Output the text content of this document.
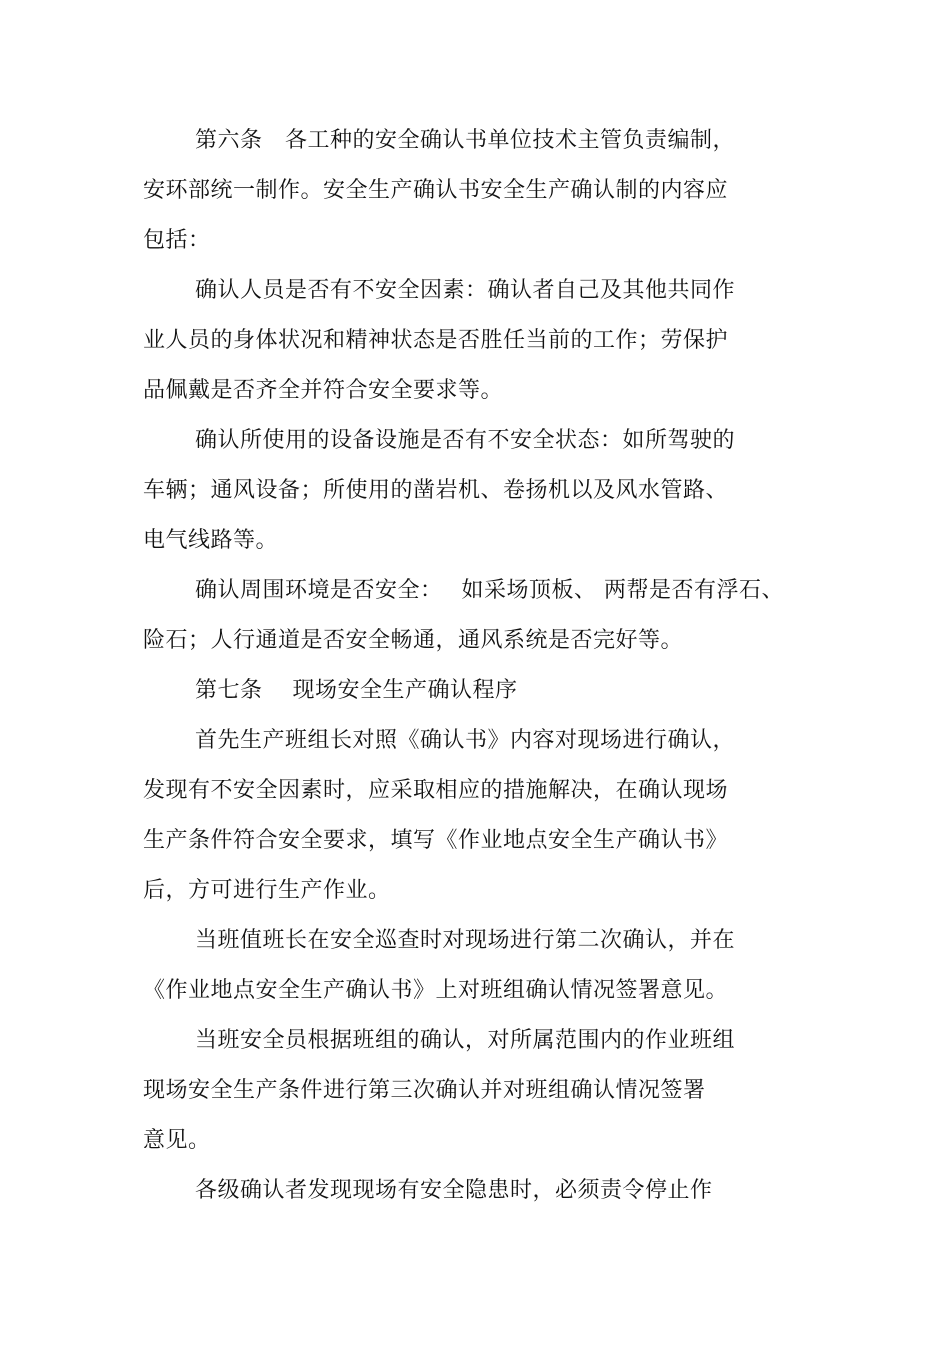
第六条　各工种的安全确认书单位技术主管负责编制，
安环部统一制作。安全生产确认书安全生产确认制的内容应
包括：
确认人员是否有不安全因素：确认者自己及其他共同作
业人员的身体状况和精神状态是否胜任当前的工作；劳保护
品佩戴是否齐全并符合安全要求等。
确认所使用的设备设施是否有不安全状态：如所驾驶的
车辆；通风设备；所使用的凿岩机、卷扬机以及风水管路、
电气线路等。
确认周围环境是否安全：　 如采场顶板、 两帮是否有浮石、
险石；人行通道是否安全畅通，通风系统是否完好等。
第七条　 现场安全生产确认程序
首先生产班组长对照《确认书》内容对现场进行确认，
发现有不安全因素时，应采取相应的措施解决，在确认现场
生产条件符合安全要求，填写《作业地点安全生产确认书》
后，方可进行生产作业。
当班值班长在安全巡查时对现场进行第二次确认，并在
《作业地点安全生产确认书》上对班组确认情况签署意见。
当班安全员根据班组的确认，对所属范围内的作业班组
现场安全生产条件进行第三次确认并对班组确认情况签署
意见。
各级确认者发现现场有安全隐患时，必须责令停止作
